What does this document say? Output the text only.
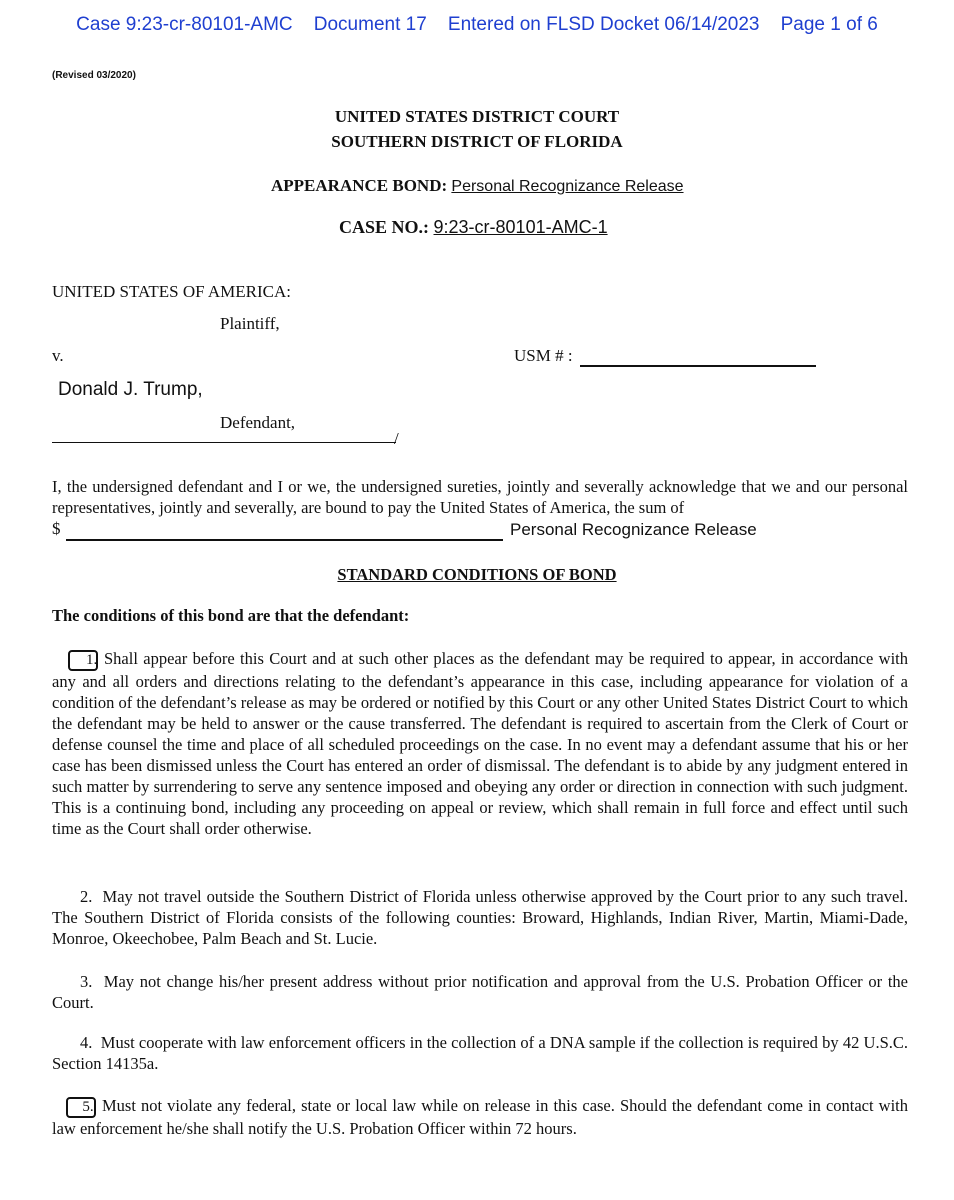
Case 9:23-cr-80101-AMC Document 17 Entered on FLSD Docket 06/14/2023 Page 1 of 6
(Revised 03/2020)
UNITED STATES DISTRICT COURT
SOUTHERN DISTRICT OF FLORIDA
APPEARANCE BOND: Personal Recognizance Release
CASE NO.: 9:23-cr-80101-AMC-1
UNITED STATES OF AMERICA:
Plaintiff,
v.	USM # :
Donald J. Trump,
Defendant,
/
I, the undersigned defendant and I or we, the undersigned sureties, jointly and severally acknowledge that we and our personal representatives, jointly and severally, are bound to pay the United States of America, the sum of
$	Personal Recognizance Release
STANDARD CONDITIONS OF BOND
The conditions of this bond are that the defendant:
1. Shall appear before this Court and at such other places as the defendant may be required to appear, in accordance with any and all orders and directions relating to the defendant’s appearance in this case, including appearance for violation of a condition of the defendant’s release as may be ordered or notified by this Court or any other United States District Court to which the defendant may be held to answer or the cause transferred. The defendant is required to ascertain from the Clerk of Court or defense counsel the time and place of all scheduled proceedings on the case. In no event may a defendant assume that his or her case has been dismissed unless the Court has entered an order of dismissal. The defendant is to abide by any judgment entered in such matter by surrendering to serve any sentence imposed and obeying any order or direction in connection with such judgment. This is a continuing bond, including any proceeding on appeal or review, which shall remain in full force and effect until such time as the Court shall order otherwise.
2. May not travel outside the Southern District of Florida unless otherwise approved by the Court prior to any such travel. The Southern District of Florida consists of the following counties: Broward, Highlands, Indian River, Martin, Miami-Dade, Monroe, Okeechobee, Palm Beach and St. Lucie.
3. May not change his/her present address without prior notification and approval from the U.S. Probation Officer or the Court.
4. Must cooperate with law enforcement officers in the collection of a DNA sample if the collection is required by 42 U.S.C. Section 14135a.
5. Must not violate any federal, state or local law while on release in this case. Should the defendant come in contact with law enforcement he/she shall notify the U.S. Probation Officer within 72 hours.
